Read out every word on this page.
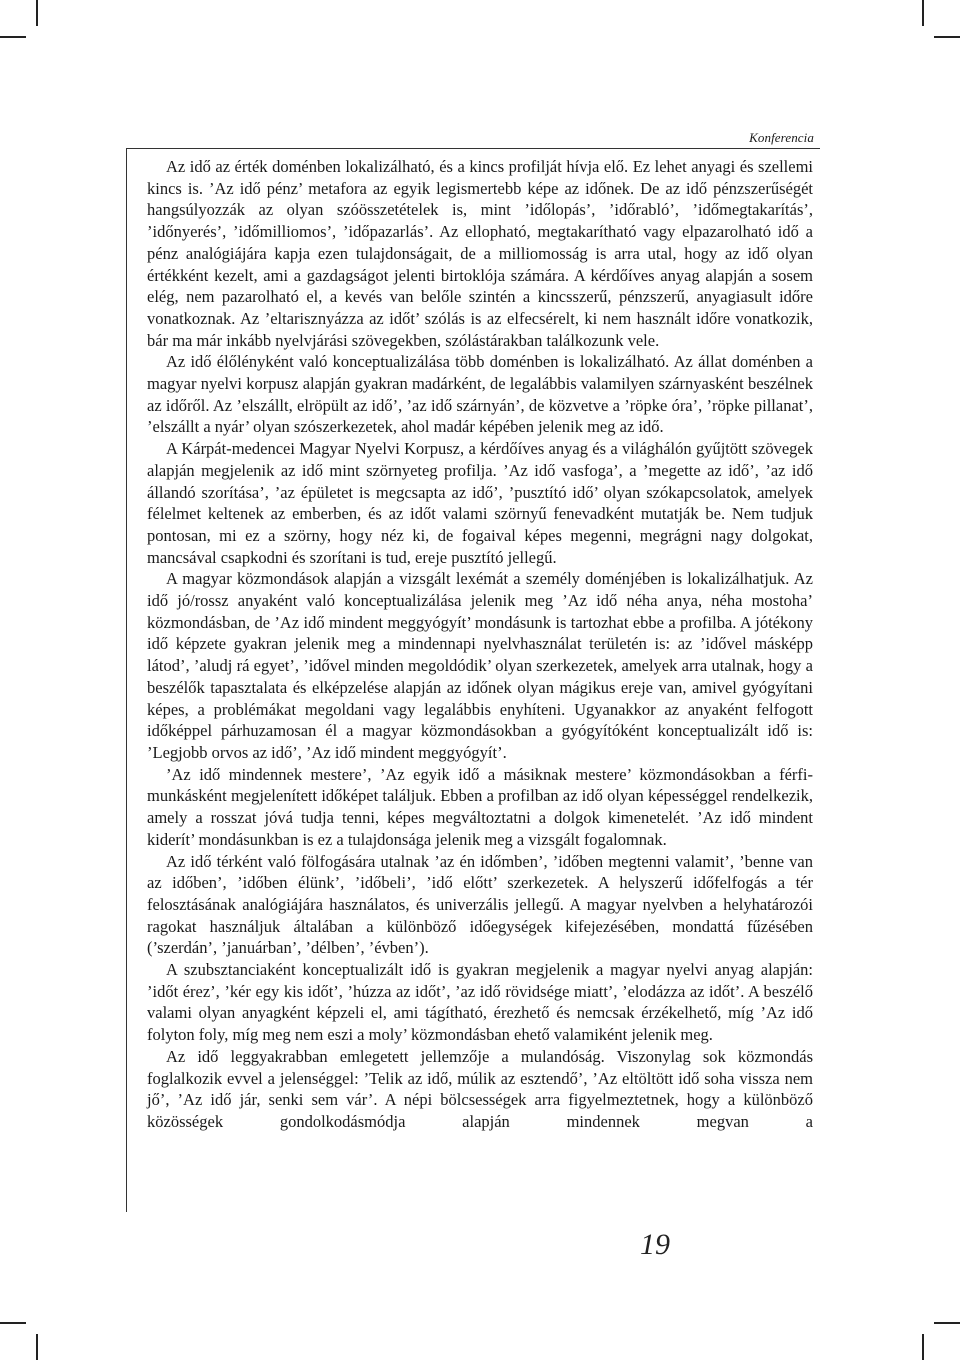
Konferencia

Az idő az érték doménben lokalizálható, és a kincs profilját hívja elő. Ez lehet anyagi és szellemi kincs is. ’Az idő pénz’ metafora az egyik legismertebb képe az időnek. De az idő pénzszerűségét hangsúlyozzák az olyan szóösszetételek is, mint ’időlopás’, ’időrabló’, ’időmegtakarítás’, ’időnyerés’, ’időmilliomos’, ’időpazarlás’. Az ellopható, megtakarítható vagy elpazarolható idő a pénz analógiájára kapja ezen tulajdonságait, de a milliomosság is arra utal, hogy az idő olyan értékként kezelt, ami a gazdagságot jelenti birtoklója számára. A kérdőíves anyag alapján a sosem elég, nem pazarolható el, a kevés van belőle szintén a kincsszerű, pénzszerű, anyagiasult időre vonatkoznak. Az ’eltarisznyázza az időt’ szólás is az elfecsérelt, ki nem használt időre vonatkozik, bár ma már inkább nyelvjárási szövegekben, szólástárakban találkozunk vele.

Az idő élőlényként való konceptualizálása több doménben is lokalizálható. Az állat doménben a magyar nyelvi korpusz alapján gyakran madárként, de legalábbis valamilyen szárnyasként beszélnek az időről. Az ’elszállt, elröpült az idő’, ’az idő szárnyán’, de közvetve a ’röpke óra’, ’röpke pillanat’, ’elszállt a nyár’ olyan szószerkezetek, ahol madár képében jelenik meg az idő.

A Kárpát-medencei Magyar Nyelvi Korpusz, a kérdőíves anyag és a világhálón gyűjtött szövegek alapján megjelenik az idő mint szörnyeteg profilja. ’Az idő vasfoga’, a ’megette az idő’, ’az idő állandó szorítása’, ’az épületet is megcsapta az idő’, ’pusztító idő’ olyan szókapcsolatok, amelyek félelmet keltenek az emberben, és az időt valami szörnyű fenevadként mutatják be. Nem tudjuk pontosan, mi ez a szörny, hogy néz ki, de fogaival képes megenni, megrágni nagy dolgokat, mancsával csapkodni és szorítani is tud, ereje pusztító jellegű.

A magyar közmondások alapján a vizsgált lexémát a személy doménjében is lokalizálhatjuk. Az idő jó/rossz anyaként való konceptualizálása jelenik meg ’Az idő néha anya, néha mostoha’ közmondásban, de ’Az idő mindent meggyógyít’ mondásunk is tartozhat ebbe a profilba. A jótékony idő képzete gyakran jelenik meg a mindennapi nyelvhasználat területén is: az ’idővel másképp látod’, ’aludj rá egyet’, ’idővel minden megoldódik’ olyan szerkezetek, amelyek arra utalnak, hogy a beszélők tapasztalata és elképzelése alapján az időnek olyan mágikus ereje van, amivel gyógyítani képes, a problémákat megoldani vagy legalábbis enyhíteni. Ugyanakkor az anyaként felfogott időképpel párhuzamosan él a magyar közmondásokban a gyógyítóként konceptualizált idő is: ’Legjobb orvos az idő’, ’Az idő mindent meggyógyít’.

’Az idő mindennek mestere’, ’Az egyik idő a másiknak mestere’ közmondásokban a férfi-munkásként megjelenített időképet találjuk. Ebben a profilban az idő olyan képességgel rendelkezik, amely a rosszat jóvá tudja tenni, képes megváltoztatni a dolgok kimenetelét. ’Az idő mindent kiderít’ mondásunkban is ez a tulajdonsága jelenik meg a vizsgált fogalomnak.

Az idő térként való fölfogására utalnak ’az én időmben’, ’időben megtenni valamit’, ’benne van az időben’, ’időben élünk’, ’időbeli’, ’idő előtt’ szerkezetek. A helyszerű időfelfogás a tér felosztásának analógiájára használatos, és univerzális jellegű. A magyar nyelvben a helyhatározói ragokat használjuk általában a különböző időegységek kifejezésében, mondattá fűzésében (’szerdán’, ’januárban’, ’délben’, ’évben’).

A szubsztanciaként konceptualizált idő is gyakran megjelenik a magyar nyelvi anyag alapján: ’időt érez’, ’kér egy kis időt’, ’húzza az időt’, ’az idő rövidsége miatt’, ’elodázza az időt’. A beszélő valami olyan anyagként képzeli el, ami tágítható, érezhető és nemcsak érzékelhető, míg ’Az idő folyton foly, míg meg nem eszi a moly’ közmondásban ehető valamiként jelenik meg.

Az idő leggyakrabban emlegetett jellemzője a mulandóság. Viszonylag sok közmondás foglalkozik evvel a jelenséggel: ’Telik az idő, múlik az esztendő’, ’Az eltöltött idő soha vissza nem jő’, ’Az idő jár, senki sem vár’. A népi bölcsességek arra figyelmeztetnek, hogy a különböző közösségek gondolkodásmódja alapján mindennek megvan a

19
